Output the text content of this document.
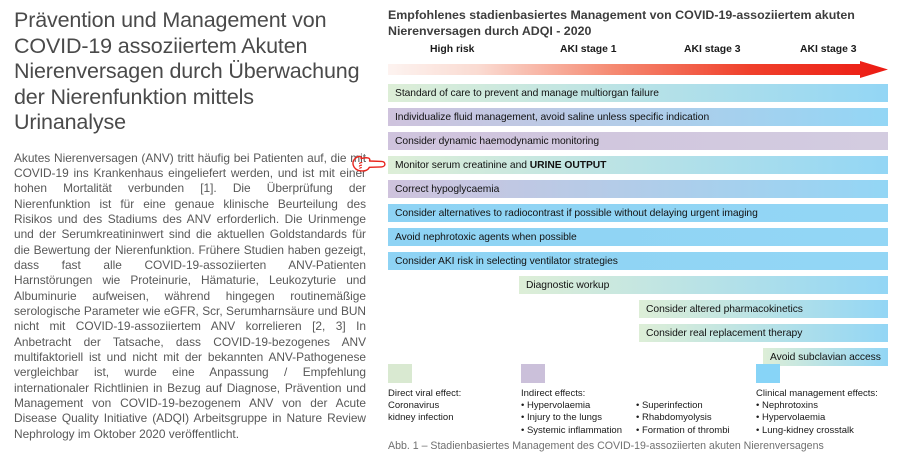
Prävention und Management von COVID-19 assoziiertem Akuten Nierenversagen durch Überwachung der Nierenfunktion mittels Urinanalyse

Akutes Nierenversagen (ANV) tritt häufig bei Patienten auf, die mit COVID-19 ins Krankenhaus eingeliefert werden, und ist mit einer hohen Mortalität verbunden [1]. Die Überprüfung der Nierenfunktion ist für eine genaue klinische Beurteilung des Risikos und des Stadiums des ANV erforderlich. Die Urinmenge und der Serumkreatininwert sind die aktuellen Goldstandards für die Bewertung der Nierenfunktion. Frühere Studien haben gezeigt, dass fast alle COVID-19-assoziierten ANV-Patienten Harnstörungen wie Proteinurie, Hämaturie, Leukozyturie und Albuminurie aufweisen, während hingegen routinemäßige serologische Parameter wie eGFR, Scr, Serumharnsäure und BUN nicht mit COVID-19-assoziiertem ANV korrelieren [2, 3] In Anbetracht der Tatsache, dass COVID-19-bezogenes ANV multifaktoriell ist und nicht mit der bekannten ANV-Pathogenese vergleichbar ist, wurde eine Anpassung / Empfehlung internationaler Richtlinien in Bezug auf Diagnose, Prävention und Management von COVID-19-bezogenem ANV von der Acute Disease Quality Initiative (ADQI) Arbeitsgruppe in Nature Review Nephrology im Oktober 2020 veröffentlicht.

Empfohlenes stadienbasiertes Management von COVID-19-assoziiertem akuten Nierenversagen durch ADQI - 2020
High risk	AKI stage 1	AKI stage 3	AKI stage 3
Standard of care to prevent and manage multiorgan failure
Individualize fluid management, avoid saline unless specific indication
Consider dynamic haemodynamic monitoring
Monitor serum creatinine and URINE OUTPUT
Correct hypoglycaemia
Consider alternatives to radiocontrast if possible without delaying urgent imaging
Avoid nephrotoxic agents when possible
Consider AKI risk in selecting ventilator strategies
Diagnostic workup
Consider altered pharmacokinetics
Consider real replacement therapy
Avoid subclavian access
Direct viral effect:
Coronavirus
kidney infection
Indirect effects:
• Hypervolaemia
• Injury to the lungs
• Systemic inflammation
• Superinfection
• Rhabdomyolysis
• Formation of thrombi
Clinical management effects:
• Nephrotoxins
• Hypervolaemia
• Lung-kidney crosstalk
Abb. 1 – Stadienbasiertes Management des COVID-19-assoziierten akuten Nierenversagens
